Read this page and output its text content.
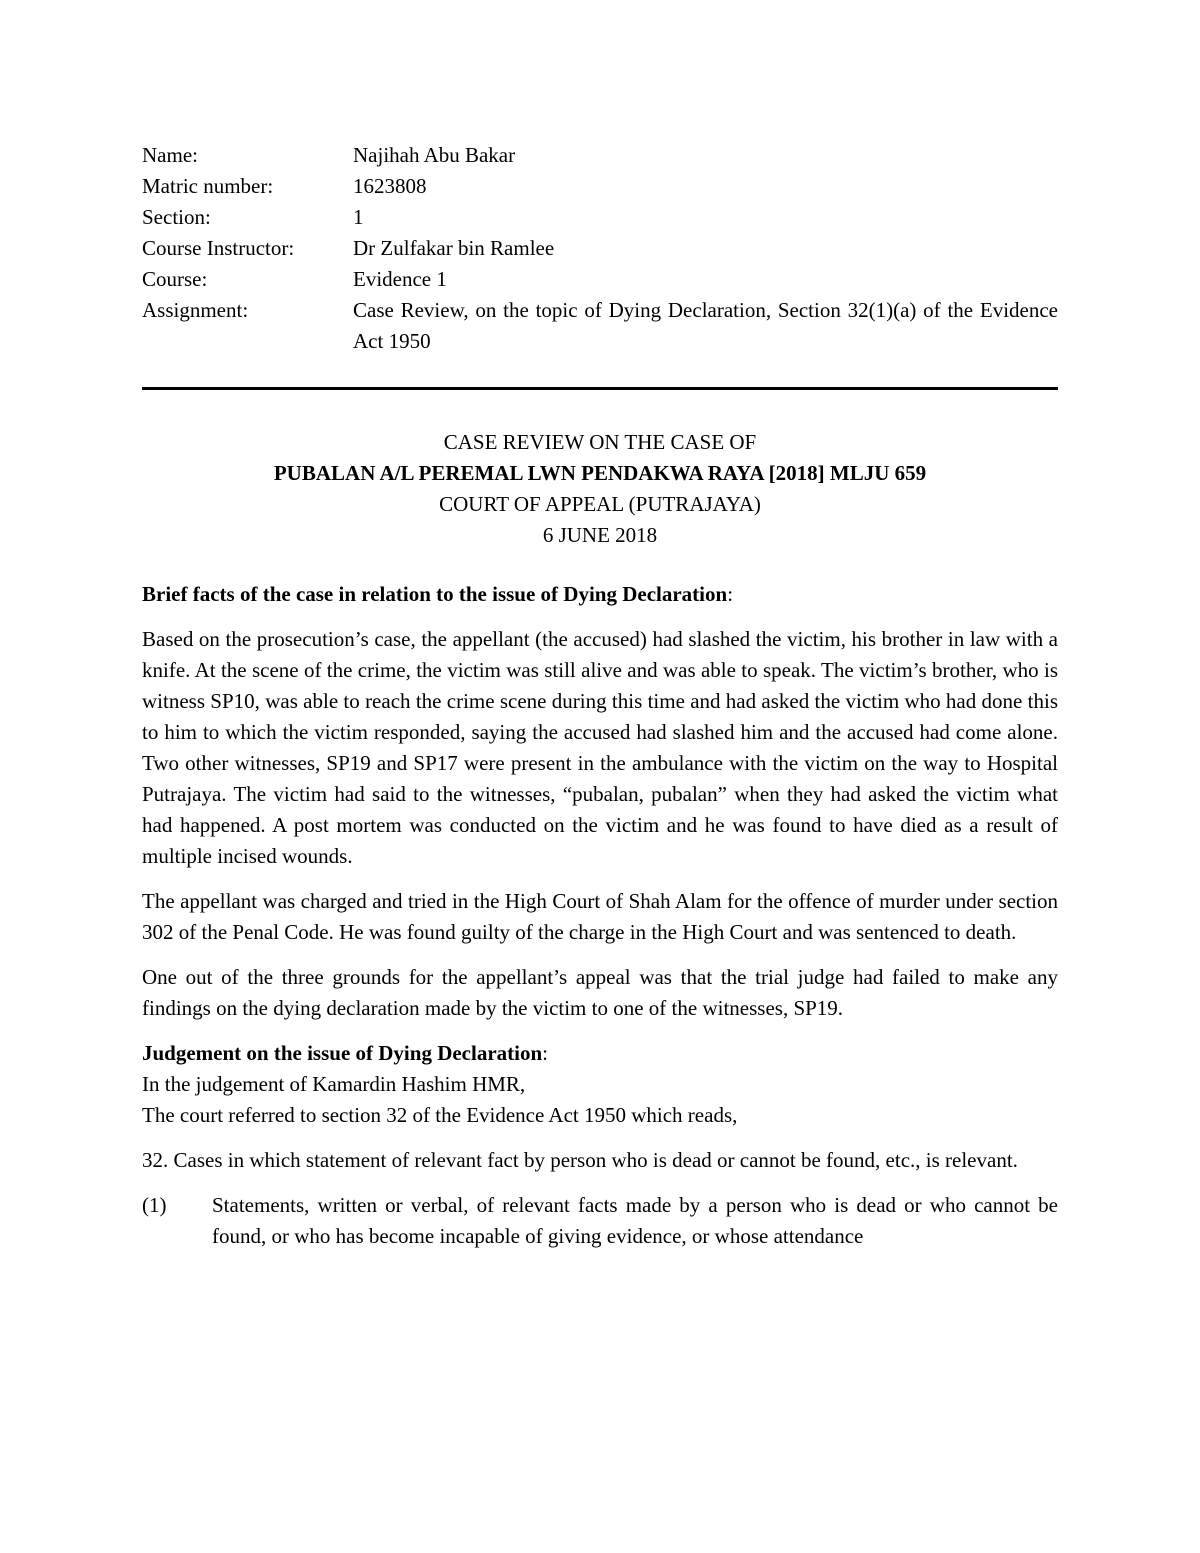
Name:	Najihah Abu Bakar
Matric number:	1623808
Section:	1
Course Instructor:	Dr Zulfakar bin Ramlee
Course:	Evidence 1
Assignment:	Case Review, on the topic of Dying Declaration, Section 32(1)(a) of the Evidence Act 1950
CASE REVIEW ON THE CASE OF
PUBALAN A/L PEREMAL LWN PENDAKWA RAYA [2018] MLJU 659
COURT OF APPEAL (PUTRAJAYA)
6 JUNE 2018
Brief facts of the case in relation to the issue of Dying Declaration:

Based on the prosecution’s case, the appellant (the accused) had slashed the victim, his brother in law with a knife. At the scene of the crime, the victim was still alive and was able to speak. The victim’s brother, who is witness SP10, was able to reach the crime scene during this time and had asked the victim who had done this to him to which the victim responded, saying the accused had slashed him and the accused had come alone. Two other witnesses, SP19 and SP17 were present in the ambulance with the victim on the way to Hospital Putrajaya. The victim had said to the witnesses, “pubalan, pubalan” when they had asked the victim what had happened. A post mortem was conducted on the victim and he was found to have died as a result of multiple incised wounds.

The appellant was charged and tried in the High Court of Shah Alam for the offence of murder under section 302 of the Penal Code. He was found guilty of the charge in the High Court and was sentenced to death.

One out of the three grounds for the appellant’s appeal was that the trial judge had failed to make any findings on the dying declaration made by the victim to one of the witnesses, SP19.

Judgement on the issue of Dying Declaration:

In the judgement of Kamardin Hashim HMR,

The court referred to section 32 of the Evidence Act 1950 which reads,

32. Cases in which statement of relevant fact by person who is dead or cannot be found, etc., is relevant.

(1)	Statements, written or verbal, of relevant facts made by a person who is dead or who cannot be found, or who has become incapable of giving evidence, or whose attendance
